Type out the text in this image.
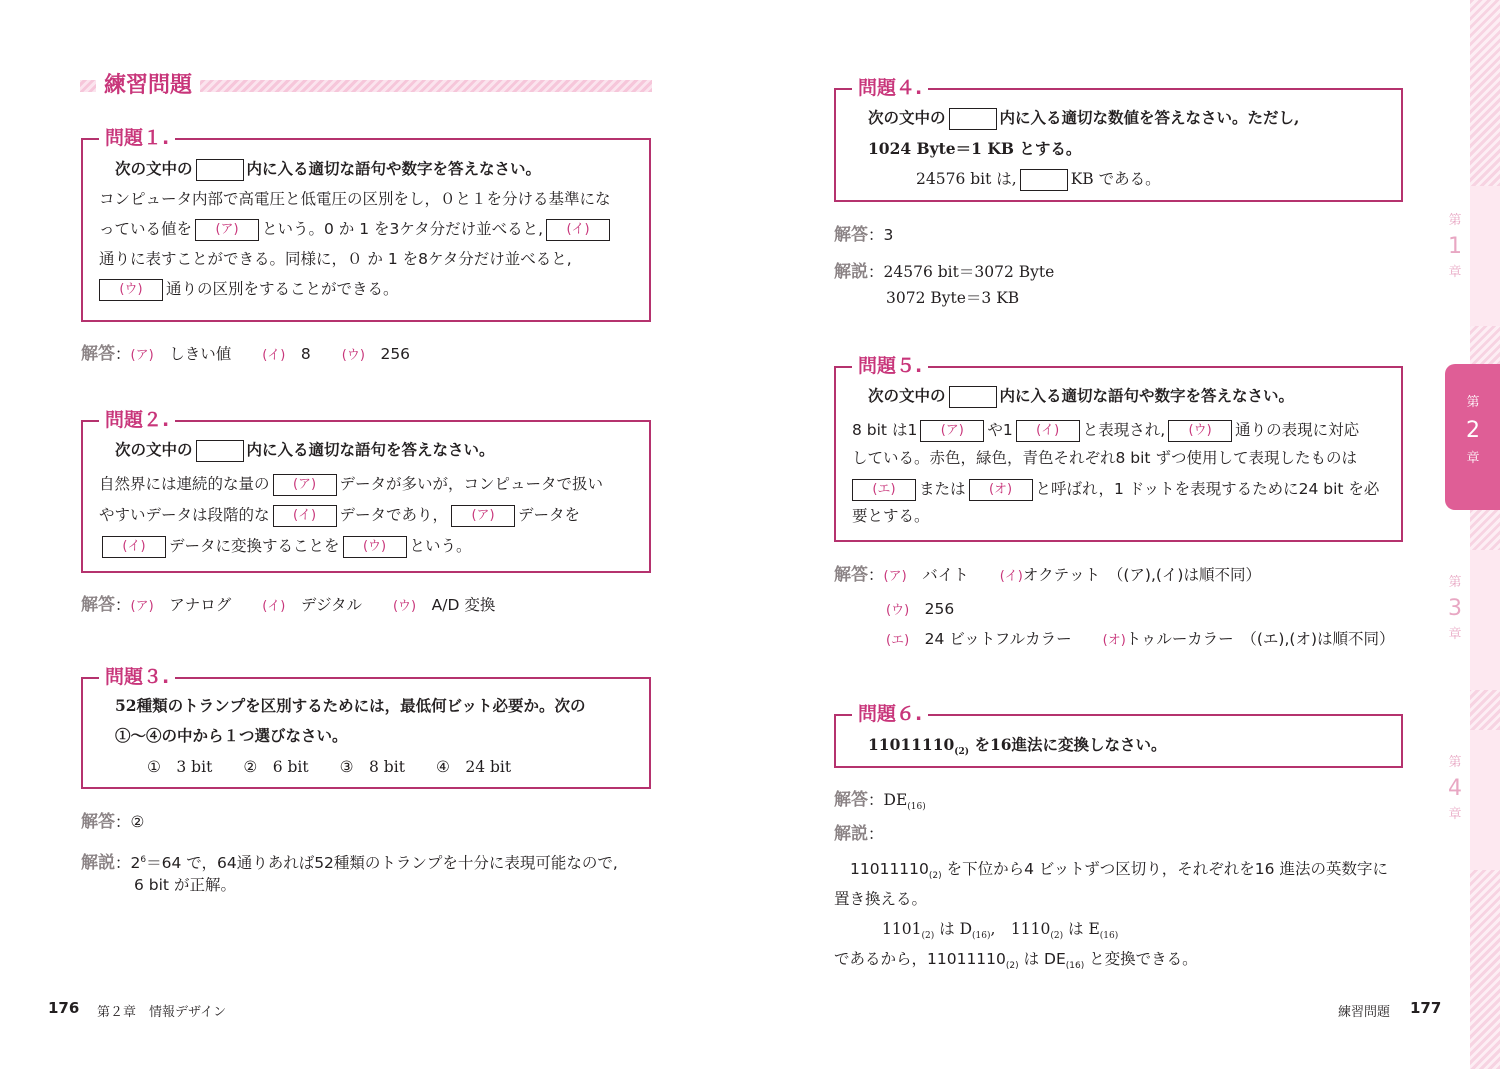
練習問題
問題１.
次の文中の	内に入る適切な語句や数字を答えなさい。
コンピュータ内部で高電圧と低電圧の区別をし，０と１を分ける基準にな
っている値を (ア) という。0 か 1 を3ケタ分だけ並べると, (イ)
通りに表すことができる。同様に，０ か 1 を8ケタ分だけ並べると,
(ウ) 通りの区別をすることができる。
解答：(ア)　 しきい値　　 (イ)　 8　　 (ウ)　 256
問題２.
次の文中の	内に入る適切な語句を答えなさい。
自然界には連続的な量の (ア) データが多いが，コンピュータで扱い
やすいデータは段階的な (イ) データであり， (ア) データを
(イ) データに変換することを (ウ) という。
解答：(ア)　 アナログ　　 (イ)　 デジタル　　 (ウ)　 A/D 変換
問題３.
52種類のトランプを区別するためには，最低何ビット必要か。次の
①～④の中から１つ選びなさい。
①　3 bit　　 ②　6 bit　　 ③　8 bit　　 ④　24 bit
解答：②
解説：$2^6=64$ で，64通りあれば52種類のトランプを十分に表現可能なので,
6 bit が正解。
176 第２章　情報デザイン
問題４.
次の文中の	内に入る適切な数値を答えなさい。ただし,
1024 Byte＝1 KB とする。
24576 bit は,	KB である。
解答：3
解説：24576 bit＝3072 Byte
3072 Byte＝3 KB
問題５.
次の文中の	内に入る適切な語句や数字を答えなさい。
8 bit は1 (ア) や1 (イ) と表現され, (ウ) 通りの表現に対応
している。赤色，緑色，青色それぞれ8 bit ずつ使用して表現したものは
(エ) または (オ) と呼ばれ，1 ドットを表現するために24 bit を必
要とする。
解答：(ア)　 バイト　　 (イ)オクテット　 （(ア),(イ)は順不同）
(ウ)　 256
(エ)　 24 ビットフルカラー　　 (オ)トゥルーカラー　 （(エ),(オ)は順不同）
問題６.
$11011110_{(2)}$ を16進法に変換しなさい。
解答：$DE_{(16)}$
解説：
$11011110_{(2)}$ を下位から4 ビットずつ区切り，それぞれを16 進法の英数字に
置き換える。
$1101_{(2)}$ は $D_{(16)}$,　$1110_{(2)}$ は $E_{(16)}$
であるから，$11011110_{(2)}$ は $DE_{(16)}$ と変換できる。
練習問題 177
第
1
章
第
2
章
第
3
章
第
4
章
